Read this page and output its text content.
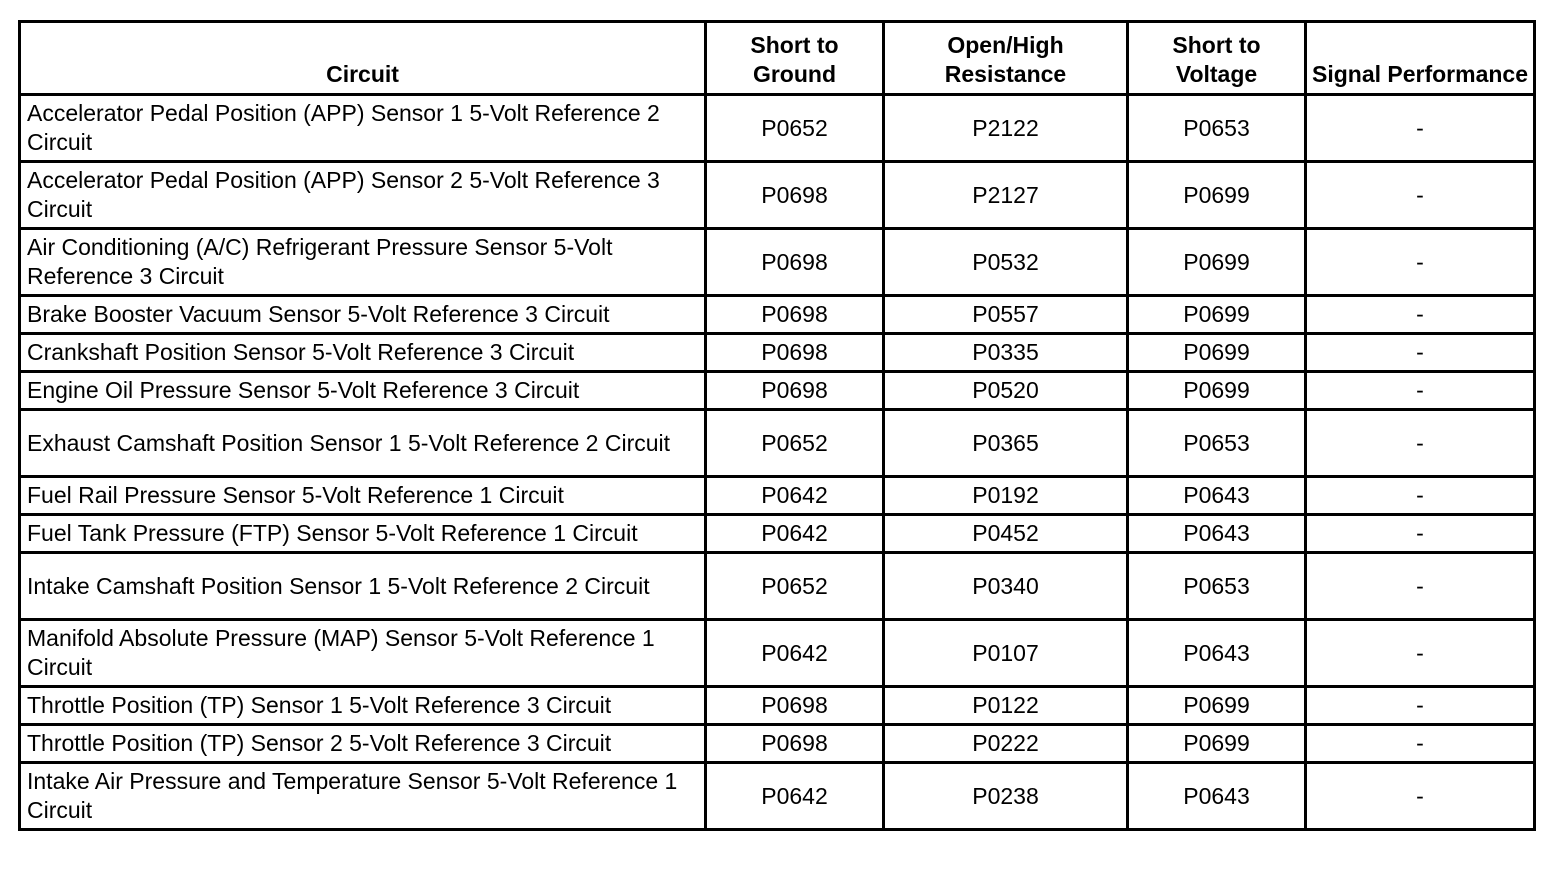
Circuit	Short to Ground	Open/High Resistance	Short to Voltage	Signal Performance
Accelerator Pedal Position (APP) Sensor 1 5-Volt Reference 2 Circuit	P0652	P2122	P0653	-
Accelerator Pedal Position (APP) Sensor 2 5-Volt Reference 3 Circuit	P0698	P2127	P0699	-
Air Conditioning (A/C) Refrigerant Pressure Sensor 5-Volt Reference 3 Circuit	P0698	P0532	P0699	-
Brake Booster Vacuum Sensor 5-Volt Reference 3 Circuit	P0698	P0557	P0699	-
Crankshaft Position Sensor 5-Volt Reference 3 Circuit	P0698	P0335	P0699	-
Engine Oil Pressure Sensor 5-Volt Reference 3 Circuit	P0698	P0520	P0699	-
Exhaust Camshaft Position Sensor 1 5-Volt Reference 2 Circuit	P0652	P0365	P0653	-
Fuel Rail Pressure Sensor 5-Volt Reference 1 Circuit	P0642	P0192	P0643	-
Fuel Tank Pressure (FTP) Sensor 5-Volt Reference 1 Circuit	P0642	P0452	P0643	-
Intake Camshaft Position Sensor 1 5-Volt Reference 2 Circuit	P0652	P0340	P0653	-
Manifold Absolute Pressure (MAP) Sensor 5-Volt Reference 1 Circuit	P0642	P0107	P0643	-
Throttle Position (TP) Sensor 1 5-Volt Reference 3 Circuit	P0698	P0122	P0699	-
Throttle Position (TP) Sensor 2 5-Volt Reference 3 Circuit	P0698	P0222	P0699	-
Intake Air Pressure and Temperature Sensor 5-Volt Reference 1 Circuit	P0642	P0238	P0643	-
